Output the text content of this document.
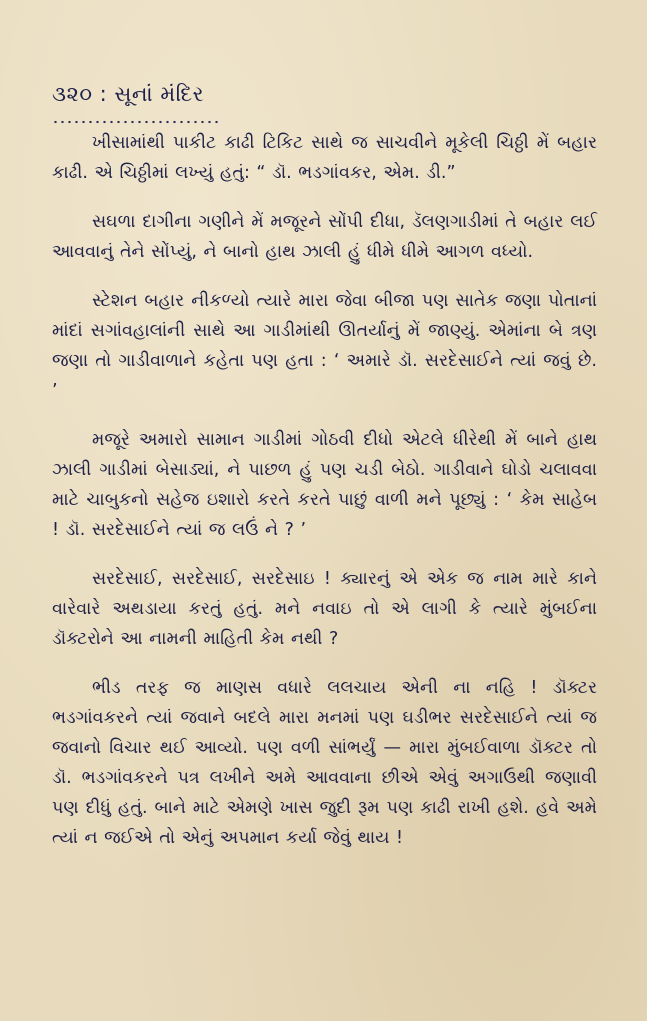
૩૨૦ : સૂનાં મંદિર

ખીસામાંથી પાકીટ કાઢી ટિકિટ સાથે જ સાચવીને મૂકેલી ચિઠ્ઠી મેં બહાર કાઢી. એ ચિઠ્ઠીમાં લખ્યું હતું: “ ડૉ. ભડગાંવકર, એમ. ડી.”

સઘળા દાગીના ગણીને મેં મજૂરને સોંપી દીધા, ડૅલણગાડીમાં તે બહાર લઈ આવવાનું તેને સોંપ્યું, ને બાનો હાથ ઝાલી હું ધીમે ધીમે આગળ વધ્યો.

સ્ટેશન બહાર નીકળ્યો ત્યારે મારા જેવા બીજા પણ સાતેક જણા પોતાનાં માંદાં સગાંવહાલાંની સાથે આ ગાડીમાંથી ઊતર્યાનું મેં જાણ્યું. એમાંના બે ત્રણ જણા તો ગાડીવાળાને કહેતા પણ હતા : ‘ અમારે ડૉ. સરદેસાઈને ત્યાં જવું છે. ’

મજૂરે અમારો સામાન ગાડીમાં ગોઠવી દીધો એટલે ધીરેથી મેં બાને હાથ ઝાલી ગાડીમાં બેસાડ્યાં, ને પાછળ હું પણ ચડી બેઠો. ગાડીવાને ઘોડો ચલાવવા માટે ચાબુકનો સહેજ ઇશારો કરતે કરતે પાછું વાળી મને પૂછ્યું : ‘ કેમ સાહેબ ! ડૉ. સરદેસાઈને ત્યાં જ લઉં ને ? ’

સરદેસાઈ, સરદેસાઈ, સરદેસાઇ ! ક્યારનું એ એક જ નામ મારે કાને વારેવારે અથડાયા કરતું હતું. મને નવાઇ તો એ લાગી કે ત્યારે મુંબઈના ડૉક્ટરોને આ નામની માહિતી કેમ નથી ?

ભીડ તરફ જ માણસ વધારે લલચાય એની ના નહિ ! ડૉક્ટર ભડગાંવકરને ત્યાં જવાને બદલે મારા મનમાં પણ ઘડીભર સરદેસાઈને ત્યાં જ જવાનો વિચાર થઈ આવ્યો. પણ વળી સાંભર્યું — મારા મુંબઈવાળા ડૉક્ટર તો ડૉ. ભડગાંવકરને પત્ર લખીને અમે આવવાના છીએ એવું અગાઉથી જણાવી પણ દીધું હતું. બાને માટે એમણે ખાસ જુદી રૂમ પણ કાઢી રાખી હશે. હવે અમે ત્યાં ન જઈએ તો એનું અપમાન કર્યા જેવું થાય !
